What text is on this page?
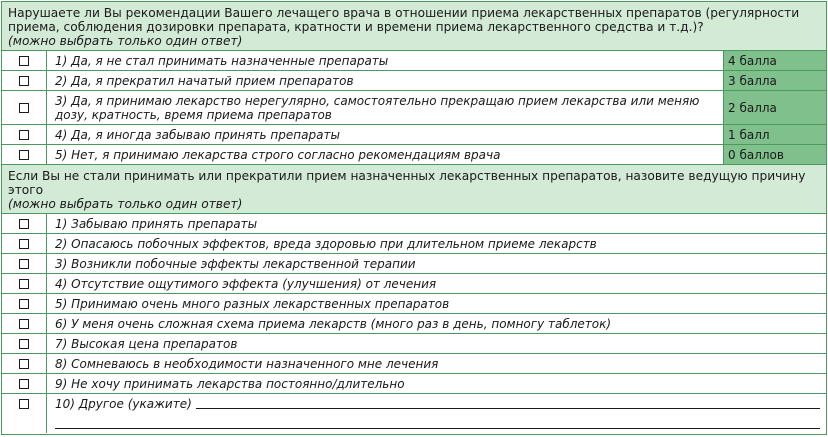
Нарушаете ли Вы рекомендации Вашего лечащего врача в отношении приема лекарственных препаратов (регулярности приема, соблюдения дозировки препарата, кратности и времени приема лекарственного средства и т.д.)?
(можно выбрать только один ответ)
1) Да, я не стал принимать назначенные препараты	4 балла
2) Да, я прекратил начатый прием препаратов	3 балла
3) Да, я принимаю лекарство нерегулярно, самостоятельно прекращаю прием лекарства или меняю дозу, кратность, время приема препаратов	2 балла
4) Да, я иногда забываю принять препараты	1 балл
5) Нет, я принимаю лекарства строго согласно рекомендациям врача	0 баллов
Если Вы не стали принимать или прекратили прием назначенных лекарственных препаратов, назовите ведущую причину этого
(можно выбрать только один ответ)
1) Забываю принять препараты
2) Опасаюсь побочных эффектов, вреда здоровью при длительном приеме лекарств
3) Возникли побочные эффекты лекарственной терапии
4) Отсутствие ощутимого эффекта (улучшения) от лечения
5) Принимаю очень много разных лекарственных препаратов
6) У меня очень сложная схема приема лекарств (много раз в день, помногу таблеток)
7) Высокая цена препаратов
8) Сомневаюсь в необходимости назначенного мне лечения
9) Не хочу принимать лекарства постоянно/длительно
10) Другое (укажите)
